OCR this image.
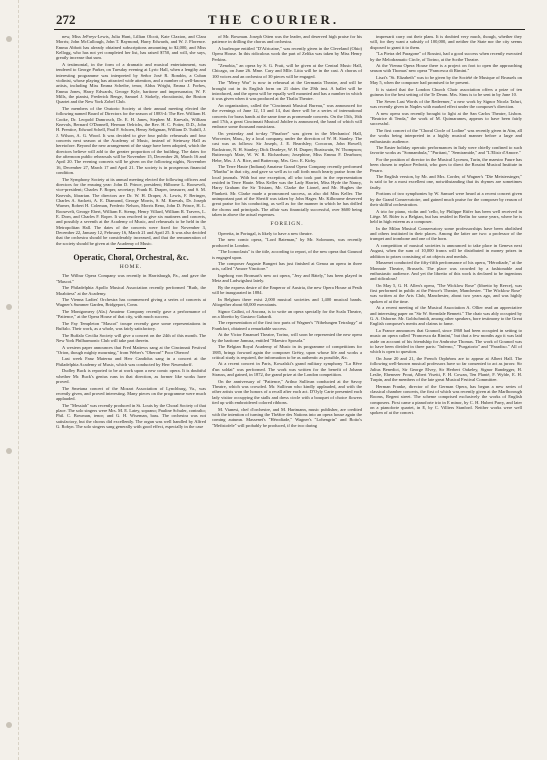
272	THE COURIER.

new, Miss JeFreys-Lewis, Julia Hunt, Lillian Olcott, Kate Claxton, and Clara Morris; John McCullough, John T. Raymond, Harry Edwards, and W. J. Florence. Emma Abbott has already obtained subscriptions amounting to $2,000, and Miss Kellogg, who has not yet completed her list, has raised $750, and will, she says, greatly increase that sum.

A testimonial, in the form of a dramatic and musical entertainment, was tendered to George Parker, on Tuesday evening at Lyric Hall, when a lengthy and interesting programme was interpreted by Señor José R. Rondón, a Cuban violinist, whose playing has attracted wide attention, and a number of well-known artists, including Miss Emma Scheibe, tenor, Aldus Wright, Emma J. Forbes, Emma Jones, Harry Edwards, George Kyle, baritone and impersonator, W. F. Mills, the pianist, Frederick Benge, Samuel J. Stokely, elocutionist, the Boston Quartet and the New York Zobel Club.

The members of the Oratorio Society at their annual meeting elected the following named Board of Directors for the season of 1883-4: The Rev. William H. Cooke, Dr. Leopold Damrosch, Dr. E. H. Janes, Stephen M. Knevals, William Knevals, Bernard O'Donnell, Herman Oelrichs, the Rev. H. C. Potter, D.D., John H. Prentice, Edward Schell, Paul F. Schoen, Henry Seligman, William D. Tuthill, J. J. Wilson, A. G. Wood. It was decided to give four public rehearsals and four concerts next season at the Academy of Music, instead of Steinway Hall as heretofore. Beyond the new arrangement of the stage have been adopted, which the directors believe will add to the greater proportion of the building. The dates for the afternoon public rehearsals will be November 15, December 26, March 16 and April 20. The evening concerts will be given on the following nights, November 16, December 27, March 17 and April 21. The society is in prosperous financial condition.

The Symphony Society at its annual meeting elected the following officers and directors for the ensuing year: John D. Prince, president; Hilborne L. Roosevelt, vice-president; Charles F. Roper, secretary; Frank R. Draper, treasurer, and S. M. Knevals, librarian. The directors are Dr. W. H. Draper, A. Lewis, F. Beringer, Charles A. Sackett, A. E. Diamond, George Morris, S. M. Knevals, Dr. Joseph Warner, Robert H. Coleman, Frederic Nelson, Morris Reno, John D. Prince, H. L. Roosevelt, George Ebert, William E. Stemp, Henry Villard, William R. Travers, L. E. Dorn, and Charles F. Roper. It was resolved to give six matinees and concerts, and possibly a seventh at the Academy of Music, and rehearsals to be held in the Metropolitan Hall. The dates of the concerts were fixed for November 3, December 22, January 12, February 16, March 21 and April 25. It was also decided that the orchestra should be considerably increased, and that the remuneration of the society should be given at the Academy of Music.

Operatic, Choral, Orchestral, &c.
HOME.

The Wilbur Opera Company was recently in Harrisburgh, Pa., and gave the "Mascot."

The Philadelphia Apollo Musical Association recently performed "Ruth, the Moabitess" at the Academy.

The Vienna Ladies' Orchestra has commenced giving a series of concerts at Wagner's Summer Garden, Bridgeport, Conn.

The Montgomery (Ala.) Amateur Company recently gave a performance of "Patience," at the Opera House of that city, with much success.

The Fay Templeton "Mascot" troupe recently gave some representations in Buffalo. Their work, as a whole, was fairly satisfactory.

The Buffalo Cecilia Society will give a concert on the 24th of this month. The New York Philharmonic Club will take part therein.

A western paper announces that Fred Mattews sang at the Cincinnati Festival "Orion, though mighty mourning," from Weber's "Oberon!" Poor Oberon!

Last week Fanz Materna and Herr Candidus sang in a concert at the Philadelphia Academy of Music, which was conducted by Herr Neuendorff.

Dudley Buck is reported to be at work upon a new comic opera. It is doubtful whether Mr. Buck's genius runs in that direction, as former like works have proved.

The Smetana concert of the Mozart Association of Lynchburg, Va., was recently given, and proved interesting. Many pieces on the programme were much applauded.

The "Messiah" was recently produced in St. Louis by the Choral Society of that place. The solo singers were Mrs. M. E. Latey, soprano; Pauline Schuler, contralto; Phil. C. Bowman, tenor; and G. H. Wiseman, bass. The orchestra was not satisfactory, but the chorus did excellently. The organ was well handled by Alfred G. Robyn. The solo singers sang generally with good effect, especially in the case

of Mr. Bowman. Joseph Otten was the leader, and deserved high praise for his patience in drilling the chorus and orchestra.

A burlesque entitled "D'Africaine," was recently given in the Cleveland (Ohio) Opera House. In this ridiculous work the part of Zelika was taken by Miss Henry Perkins.

"Zenobia," an opera by S. G. Pratt, will be given at the Central Music Hall, Chicago, on June 26. Mme. Cary and Mlle. Litta will be in the cast. A chorus of 100 voices and an orchestra of 30 pieces will be engaged.

The "Merry War" is now in rehearsal at the Germania Theatre, and will be brought out in its English form on 21 dates the 29th inst. A ballet will be introduced, and the opera will be equally well mounted and has a number in which it was given when it was produced at the Thalia Theatre.

An organization, called the "Cincinnati Musical Bureau," was announced for the evenings of June 12, 13 and 14, that there will be a series of international concerts for brass bands at the same time as promenade concerts. On the 15th, 16th and 17th, a great Cincinnati Musical Jubilee is announced, the band of which will embrace some thousand musicians.

On yesterday and to-day "Pinafore" was given in the Mechanics' Hall, Worcester, Mass., by a local company, under the direction of W. H. Stanley. The cast was as follows: Sir Joseph, J. E. Beardsley; Corcoran, John Howell; Rackstraw, N. H. Stanley; Dick Deadeye, W. H. Draper; Boatswain, W. Thompson; Buttercup's Mate, W. W. R. Richardson; Josephine, Miss Emma F. Dearborn; Hebe, Mrs. J. A. Rice, and Buttercup, Mrs. Geo. E. Kirby.

The Terre Haute (Indiana) Amateur Grand Opera Company recently performed "Martha" in that city, and gave so well as to call forth much hearty praise from the local journals. With but one exception, all who took part in the representation resided in Terre Haute. Miss Keller was the Lady Harriet, Miss Hyde the Nancy, Harry Graham the Sir Tristam, Mr. Clarke the Lionel, and Mr. Hughes the Plunkett. Mr. Clarke made a pronounced success, as also did Miss Keller. The unimportant part of the Sheriff was taken by John Hager. Mr. Kilbourne deserved great praise for his conducting, as well as for the manner in which he has drilled the chorus and principals. The affair was financially successful, over $600 being taken in above the actual expenses.

FOREIGN.

Operetta, in Portugal, is likely to have a new theatre.

The new comic opera, "Lord Bateman," by Mr. Solomons, was recently produced in London.

"The Iconoclasts" is the title, according to report, of the new opera that Gounod is engaged upon.

The composer Auguste Bungert has just finished at Genoa an opera in three acts, called "Amore Vincitore."

Ingeborg von Bronsart's new act opera, "Jery and Bätely," has been played in Metz and Ludwigslust lately.

By the express desire of the Emperor of Austria, the new Opera House at Pesth will be inaugurated in 1884.

In Belgium there exist 2,000 musical societies and 1,400 musical bands. Altogether about 60,000 executants.

Signor Cailini, of Ancona, is to write an opera specially for the Scala Theatre, on a libretto by Gustavo Gabardi.

The representation of the first two parts of Wagner's "Nibelungen Tetralogy" at Frankfort, obtained a remarkable success.

At the Victor Emanuel Theatre, Torino, will soon be represented the new opera by the baritone Jamusa, entitled "Maestro Sposola."

The Belgian Royal Academy of Music in its programme of competitions for 1885, brings forward again the composer Grétry, upon whose life and works a critical study is required, the information to be as authentic as possible, &c.

At a recent concert in Paris, Kowalski's grand military symphony "La Rêve d'un soldat" was performed. The work was written for the benefit of Johann Strauss, and gained, in 1872, the grand prize at the London competition.

On the anniversary of "Patience," Arthur Sullivan conducted at the Savoy Theatre, which was crowded. Mr. Sullivan who kindly applauded, and with the other artists won the honors of a recall after each act. D'Oyly Carte presented each lady visitor occupying the stalls and dress circle with a bouquet of choice flowers tied up with embroidered colored ribbons.

M. Vianesi, chef d'orchestre, and M. Hartmann, music publisher, are credited with the intention of turning the Théâtre des Nations into an opera house again the coming autumn. Massenet's "Hérodiade," Wagner's "Lohengrin" and Boito's "Mefistofele" will probably be produced, if the two daring

impresarii carry out their plans. It is doubted very much, though, whether they will, for they want a subsidy of 100,000, and neither the State nor the city seems disposed to grant it to them.

"La Pietra del Paragone" of Rossini, had a good success when recently executed by the Melodramatic Circle, of Torino, at the Scribe Theatre.

At the Vienna Opera House there is a project on foot to open the approaching season with Thomas' new opera "Francesca di Rimini."

Liszt's "St. Elizabeth" was to be given by the Société de Musique of Brussels on May 5, when the composer had promised to be present.

It is stated that the London Church Choir association offers a prize of ten guineas for the best setting of the Te Deum. Mrs. Sims is to be sent in by June 10.

The Seven Last Words of the Redeemer," a new work by Signor Nicola Tafuri, was recently given in Naples with marked effect under the composer's direction.

A new opera was recently brought to light at the San Carlos Theatre, Lisbon. "Beatrice di Tenda," the work of M. Quimarames, appears to have been fairly successful.

The first concert of the "Choral Circle of Lodine" was recently given in Aim, all the works being interpreted in a highly musical manner before a large and enthusiastic audience.

The Easter holiday operatic performances in Italy were chiefly confined to such favorite works as "Sonnambula," "Puritani," "Semiramide," and "L'Elisir d'Amore."

For the position of director in the Musical Lyceum, Turin, the maestro Faure has been chosen to replace Pedrotti, who goes to direct the Rossini Musical Institute in Pesaro.

The English version, by Mr. and Mrs. Corder, of Wagner's "Die Meistersinger," is said to be a most excellent one, notwithstanding that its rhymes are sometimes faulty.

Portions of two symphonies by W. Samuel were heard at a recent concert given by the Grand Conservatoire, and gained much praise for the composer by reason of their skillful orchestration.

A trio for piano, violin and 'cello, by Philippe Rüfer has been well received in Liège. M. Rüfer is a Belgian, but has resided in Berlin for some years, where he is held in high esteem as a composer.

In the Milan Musical Conservatory some professorships have been abolished and others instituted in their places. Among the latter are two: a professor of the trumpet and trombone and one of the horn.

A competition of musical societies is announced to take place in Geneva next August, when the sum of 10,000 francs will be distributed in money prizes in addition to prizes consisting of art objects and medals.

Massenet conducted the fifty-fifth performance of his opera, "Hérodiade," at the Monnaie Theatre, Brussels. The place was crowded by a fashionable and enthusiastic audience. And yet the libretto of this work is declared to be ingenious and ridiculous!

On May 5, G. H. Allen's opera, "The Wicklow Rose" (libretto by Reece), was first performed in public at the Prince's Theatre, Manchester. "The Wicklow Rose" was written at the Arts Club, Manchester, about two years ago, and was highly spoken of at the time.

At a recent meeting of the Musical Association A. Ollier read an appreciative and interesting paper on "Sir W. Sterndale Bennett." The chair was ably occupied by G. A. Osborne. Mr. Goldschmidt, among other speakers, bore testimony to the Great English composer's merits and claims to fame.

La France announces that Gounod, since 1868 had been occupied in setting to music an opera called "Francesca da Rimini," but that a few months ago it was laid aside on account of his friendship for Ambroise Thomas. The work of Gounod was to have been divided in three parts: "Inferno," "Purgatorio" and "Paradiso." All of which is open to question.

On June 20 and 21, the French Orphéons are to appear at Albert Hall. The following well-known musical professors have so far consented to act as jurors: Sir Julius Benedict, Sir George Elvey, Sir Herbert Oakeley, Signor Randegger, H. Leslie, Ebenezer Prout, Albert Visetti, F. H. Cowan, Ten Planté, F. Wylde, E. H. Turpin, and the members of the late great Musical Festival Committee.

Herman Franke, director of the German Opera, has begun a new series of classical chamber concerts, the first of which was recently given at the Marlborough Rooms, Regent street. The scheme comprised exclusively the works of English composers. First came a pianoforte trio in E minor, by C. H. Hubert Parry, and later on a pianoforte quartet, in E, by C. Villiers Stanford. Neither works were well spoken of at the concert.
